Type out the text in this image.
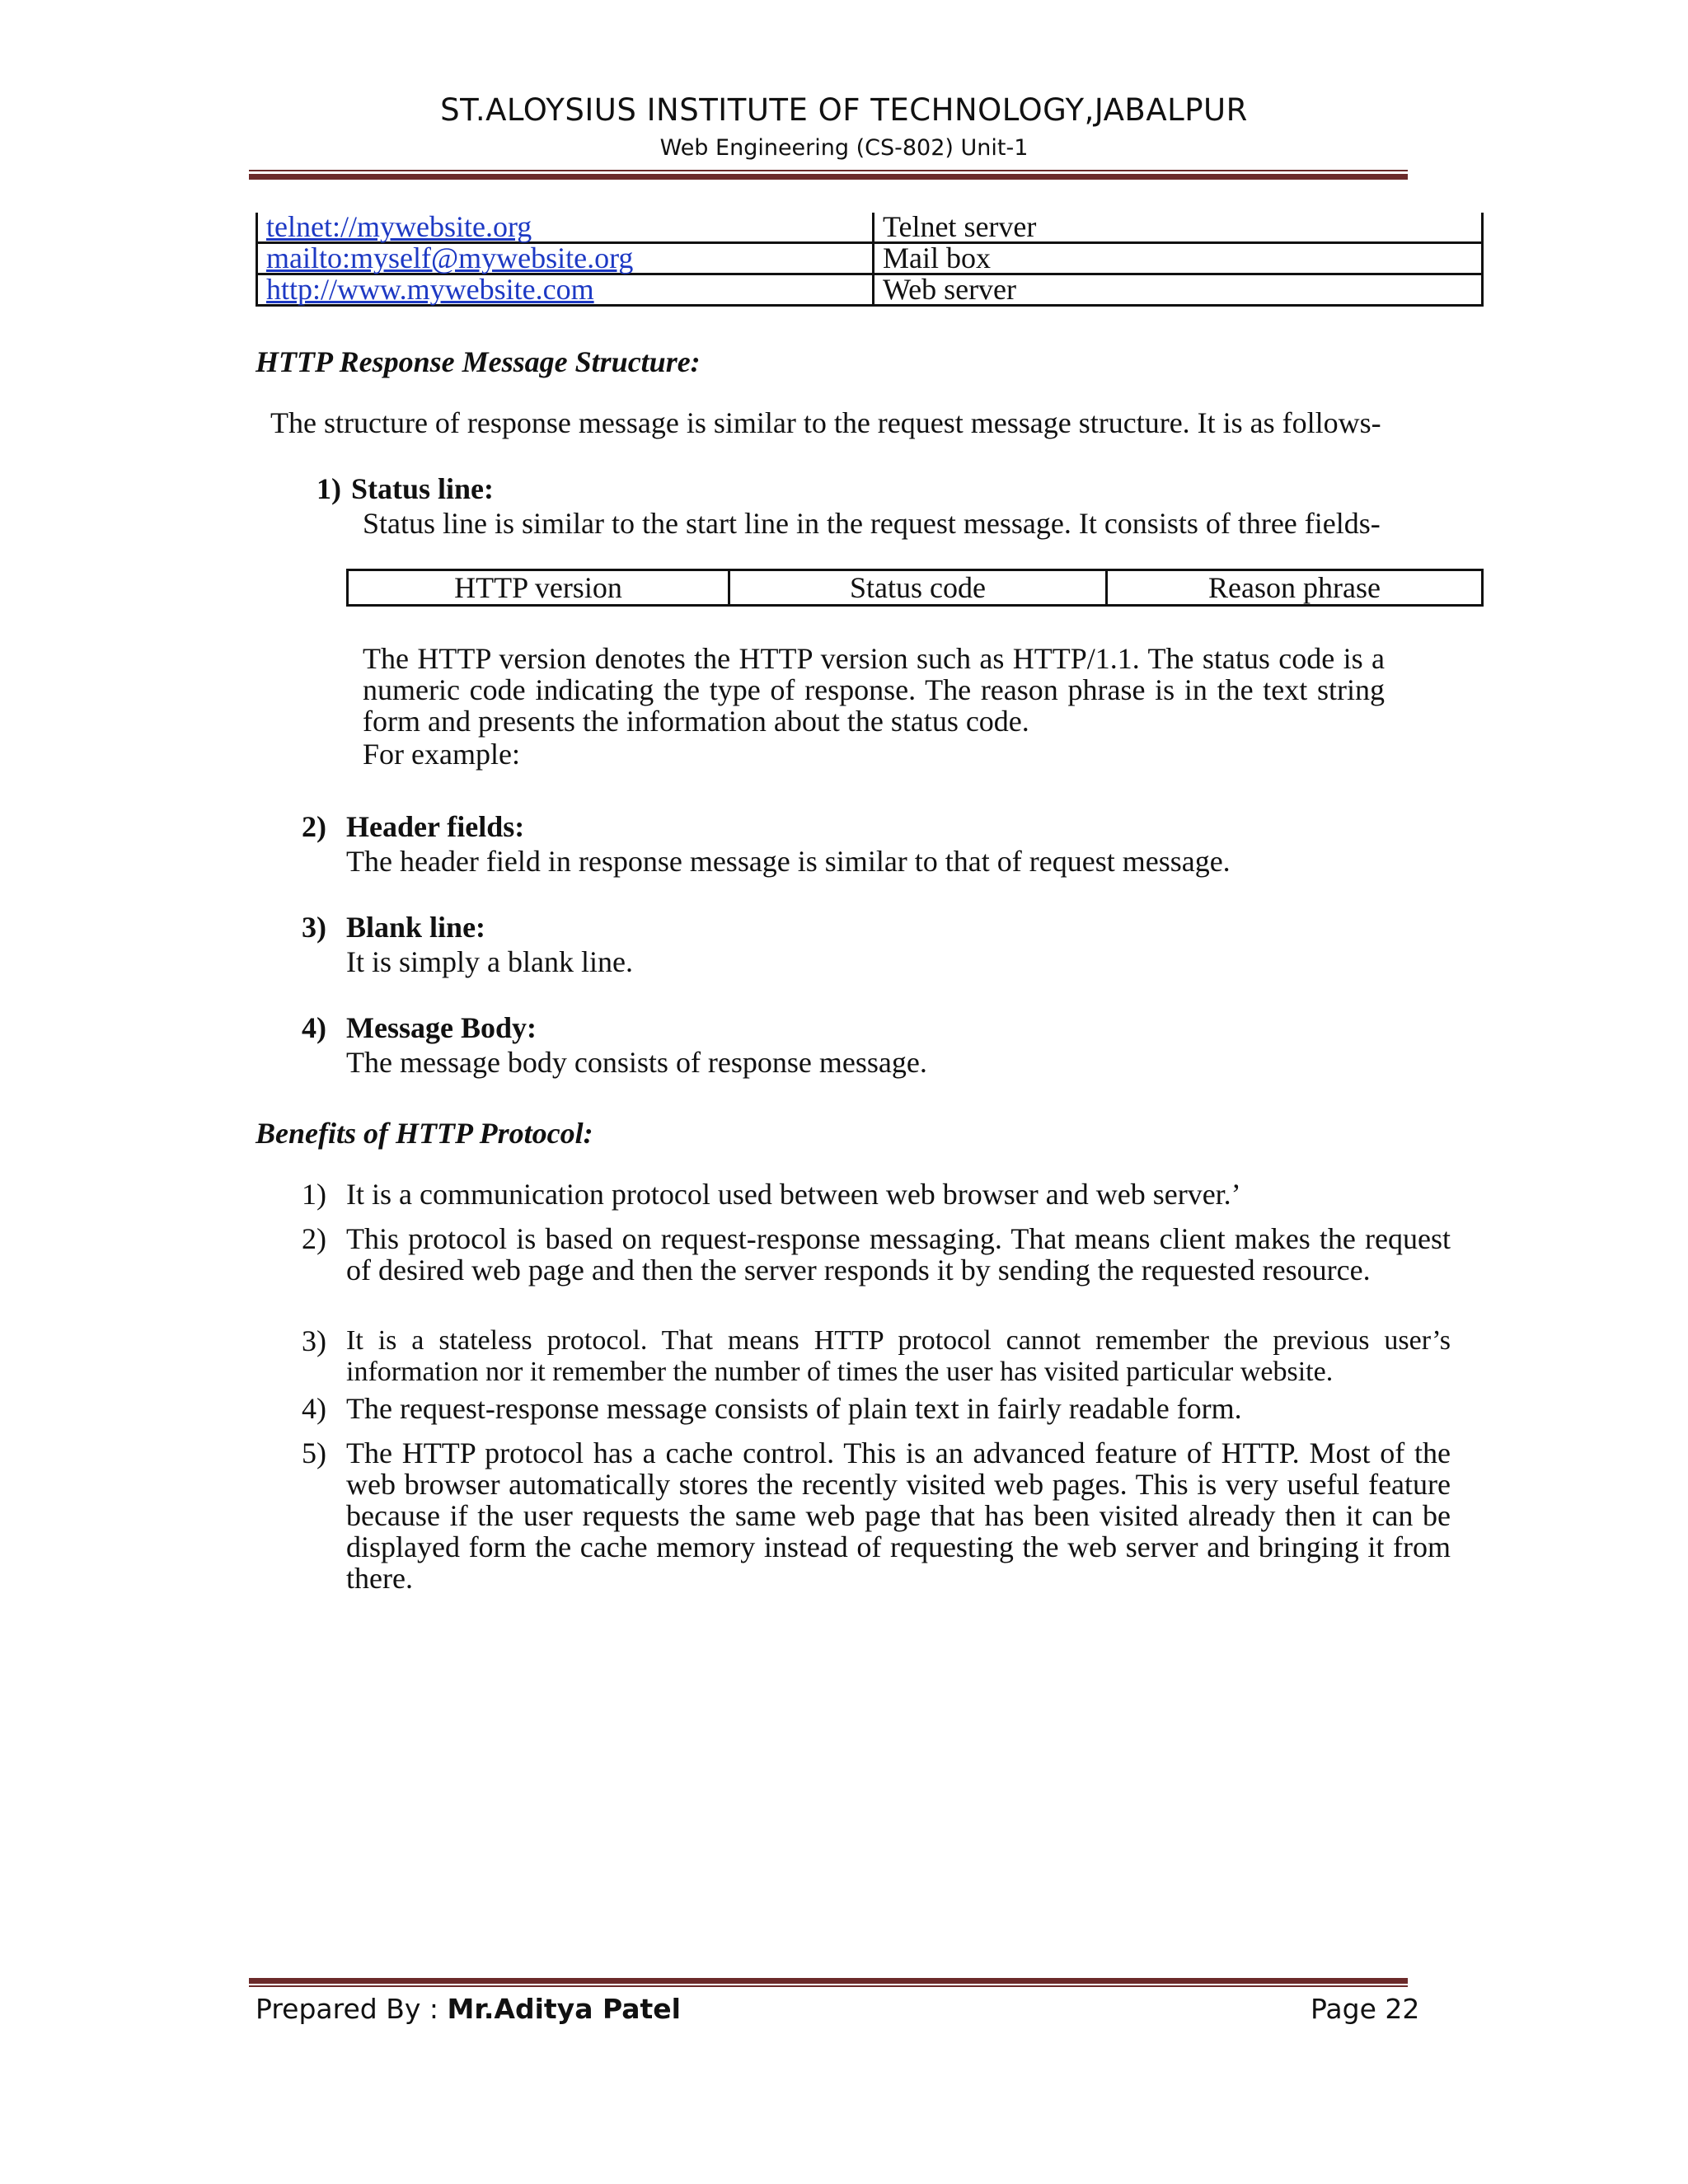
ST.ALOYSIUS INSTITUTE OF TECHNOLOGY,JABALPUR
Web Engineering (CS-802) Unit-1
telnet://mywebsite.org	Telnet server
mailto:myself@mywebsite.org	Mail box
http://www.mywebsite.com	Web server
HTTP Response Message Structure:
The structure of response message is similar to the request message structure. It is as follows-
1) Status line:
Status line is similar to the start line in the request message. It consists of three fields-
HTTP version	Status code	Reason phrase
The HTTP version denotes the HTTP version such as HTTP/1.1. The status code is a numeric code indicating the type of response. The reason phrase is in the text string form and presents the information about the status code.
For example:
2) Header fields:
The header field in response message is similar to that of request message.
3) Blank line:
It is simply a blank line.
4) Message Body:
The message body consists of response message.
Benefits of HTTP Protocol:
1) It is a communication protocol used between web browser and web server.’
2) This protocol is based on request-response messaging. That means client makes the request of desired web page and then the server responds it by sending the requested resource.
3) It is a stateless protocol. That means HTTP protocol cannot remember the previous user’s information nor it remember the number of times the user has visited particular website.
4) The request-response message consists of plain text in fairly readable form.
5) The HTTP protocol has a cache control. This is an advanced feature of HTTP. Most of the web browser automatically stores the recently visited web pages. This is very useful feature because if the user requests the same web page that has been visited already then it can be displayed form the cache memory instead of requesting the web server and bringing it from there.
Prepared By : Mr.Aditya Patel	Page 22
